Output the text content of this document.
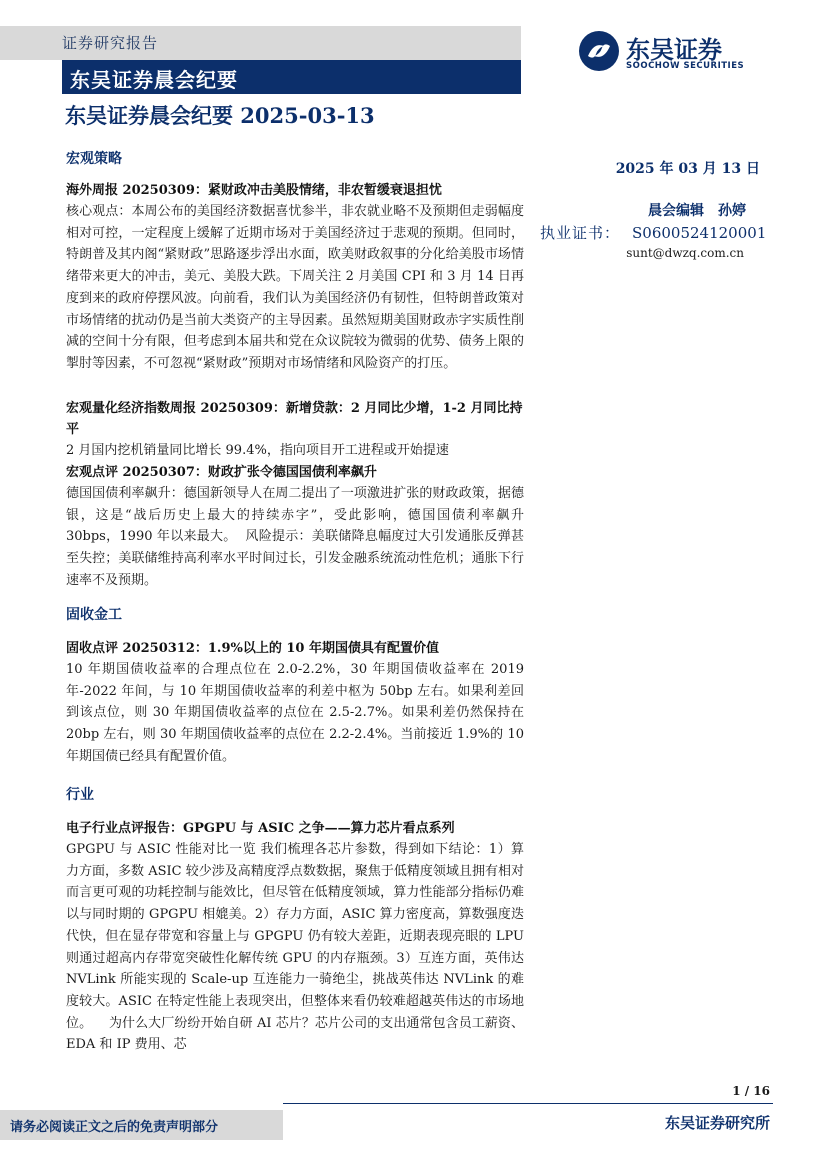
证券研究报告
东吴证券晨会纪要
东吴证券
SOOCHOW SECURITIES
东吴证券晨会纪要 2025-03-13
2025 年 03 月 13 日
晨会编辑 孙婷
执业证书： S0600524120001
sunt@dwzq.com.cn
宏观策略
海外周报 20250309：紧财政冲击美股情绪，非农暂缓衰退担忧
核心观点：本周公布的美国经济数据喜忧参半，非农就业略不及预期但走弱幅度相对可控，一定程度上缓解了近期市场对于美国经济过于悲观的预期。但同时，特朗普及其内阁“紧财政”思路逐步浮出水面，欧美财政叙事的分化给美股市场情绪带来更大的冲击，美元、美股大跌。下周关注 2 月美国 CPI 和 3 月 14 日再度到来的政府停摆风波。向前看，我们认为美国经济仍有韧性，但特朗普政策对市场情绪的扰动仍是当前大类资产的主导因素。虽然短期美国财政赤字实质性削减的空间十分有限，但考虑到本届共和党在众议院较为微弱的优势、债务上限的掣肘等因素，不可忽视“紧财政”预期对市场情绪和风险资产的打压。
宏观量化经济指数周报 20250309：新增贷款：2 月同比少增，1-2 月同比持平
2 月国内挖机销量同比增长 99.4%，指向项目开工进程或开始提速
宏观点评 20250307：财政扩张令德国国债利率飙升
德国国债利率飙升：德国新领导人在周二提出了一项激进扩张的财政政策，据德银，这是“战后历史上最大的持续赤字”，受此影响，德国国债利率飙升 30bps，1990 年以来最大。  风险提示：美联储降息幅度过大引发通胀反弹甚至失控；美联储维持高利率水平时间过长，引发金融系统流动性危机；通胀下行速率不及预期。
固收金工
固收点评 20250312：1.9%以上的 10 年期国债具有配置价值
10 年期国债收益率的合理点位在 2.0-2.2%，30 年期国债收益率在 2019 年-2022 年间，与 10 年期国债收益率的利差中枢为 50bp 左右。如果利差回到该点位，则 30 年期国债收益率的点位在 2.5-2.7%。如果利差仍然保持在 20bp 左右，则 30 年期国债收益率的点位在 2.2-2.4%。当前接近 1.9%的 10 年期国债已经具有配置价值。
行业
电子行业点评报告：GPGPU 与 ASIC 之争——算力芯片看点系列
GPGPU 与 ASIC 性能对比一览 我们梳理各芯片参数，得到如下结论：1）算力方面，多数 ASIC 较少涉及高精度浮点数数据，聚焦于低精度领域且拥有相对而言更可观的功耗控制与能效比，但尽管在低精度领域，算力性能部分指标仍难以与同时期的 GPGPU 相媲美。2）存力方面，ASIC 算力密度高，算数强度迭代快，但在显存带宽和容量上与 GPGPU 仍有较大差距，近期表现亮眼的 LPU 则通过超高内存带宽突破性化解传统 GPU 的内存瓶颈。3）互连方面，英伟达 NVLink 所能实现的 Scale-up 互连能力一骑绝尘，挑战英伟达 NVLink 的难度较大。ASIC 在特定性能上表现突出，但整体来看仍较难超越英伟达的市场地位。    为什么大厂纷纷开始自研 AI 芯片？芯片公司的支出通常包含员工薪资、EDA 和 IP 费用、芯
1 / 16
请务必阅读正文之后的免责声明部分	东吴证券研究所
